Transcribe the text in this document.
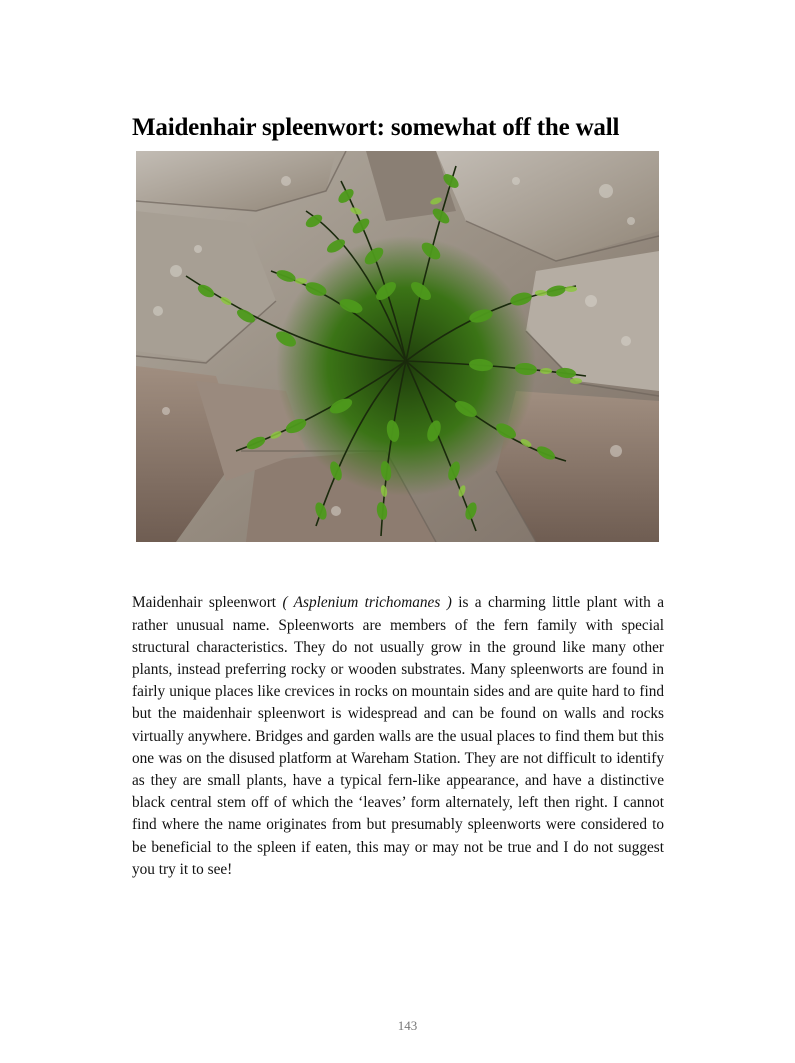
Maidenhair spleenwort: somewhat off the wall

Maidenhair spleenwort ( Asplenium trichomanes ) is a charming little plant with a rather unusual name. Spleenworts are members of the fern family with special structural characteristics. They do not usually grow in the ground like many other plants, instead preferring rocky or wooden substrates. Many spleenworts are found in fairly unique places like crevices in rocks on mountain sides and are quite hard to find but the maidenhair spleenwort is widespread and can be found on walls and rocks virtually anywhere. Bridges and garden walls are the usual places to find them but this one was on the disused platform at Wareham Station. They are not difficult to identify as they are small plants, have a typical fern-like appearance, and have a distinctive black central stem off of which the ‘leaves’ form alternately, left then right. I cannot find where the name originates from but presumably spleenworts were considered to be beneficial to the spleen if eaten, this may or may not be true and I do not suggest you try it to see!

143
